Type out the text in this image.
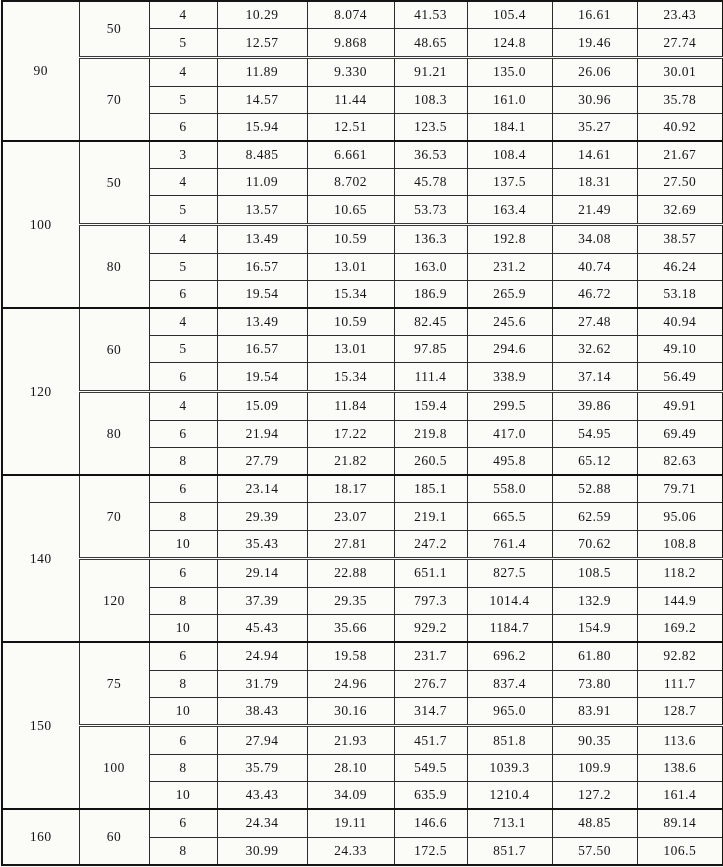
90	50	4	10.29	8.074	41.53	105.4	16.61	23.43
		5	12.57	9.868	48.65	124.8	19.46	27.74
	70	4	11.89	9.330	91.21	135.0	26.06	30.01
		5	14.57	11.44	108.3	161.0	30.96	35.78
		6	15.94	12.51	123.5	184.1	35.27	40.92
100	50	3	8.485	6.661	36.53	108.4	14.61	21.67
		4	11.09	8.702	45.78	137.5	18.31	27.50
		5	13.57	10.65	53.73	163.4	21.49	32.69
	80	4	13.49	10.59	136.3	192.8	34.08	38.57
		5	16.57	13.01	163.0	231.2	40.74	46.24
		6	19.54	15.34	186.9	265.9	46.72	53.18
120	60	4	13.49	10.59	82.45	245.6	27.48	40.94
		5	16.57	13.01	97.85	294.6	32.62	49.10
		6	19.54	15.34	111.4	338.9	37.14	56.49
	80	4	15.09	11.84	159.4	299.5	39.86	49.91
		6	21.94	17.22	219.8	417.0	54.95	69.49
		8	27.79	21.82	260.5	495.8	65.12	82.63
140	70	6	23.14	18.17	185.1	558.0	52.88	79.71
		8	29.39	23.07	219.1	665.5	62.59	95.06
		10	35.43	27.81	247.2	761.4	70.62	108.8
	120	6	29.14	22.88	651.1	827.5	108.5	118.2
		8	37.39	29.35	797.3	1014.4	132.9	144.9
		10	45.43	35.66	929.2	1184.7	154.9	169.2
150	75	6	24.94	19.58	231.7	696.2	61.80	92.82
		8	31.79	24.96	276.7	837.4	73.80	111.7
		10	38.43	30.16	314.7	965.0	83.91	128.7
	100	6	27.94	21.93	451.7	851.8	90.35	113.6
		8	35.79	28.10	549.5	1039.3	109.9	138.6
		10	43.43	34.09	635.9	1210.4	127.2	161.4
160	60	6	24.34	19.11	146.6	713.1	48.85	89.14
		8	30.99	24.33	172.5	851.7	57.50	106.5
